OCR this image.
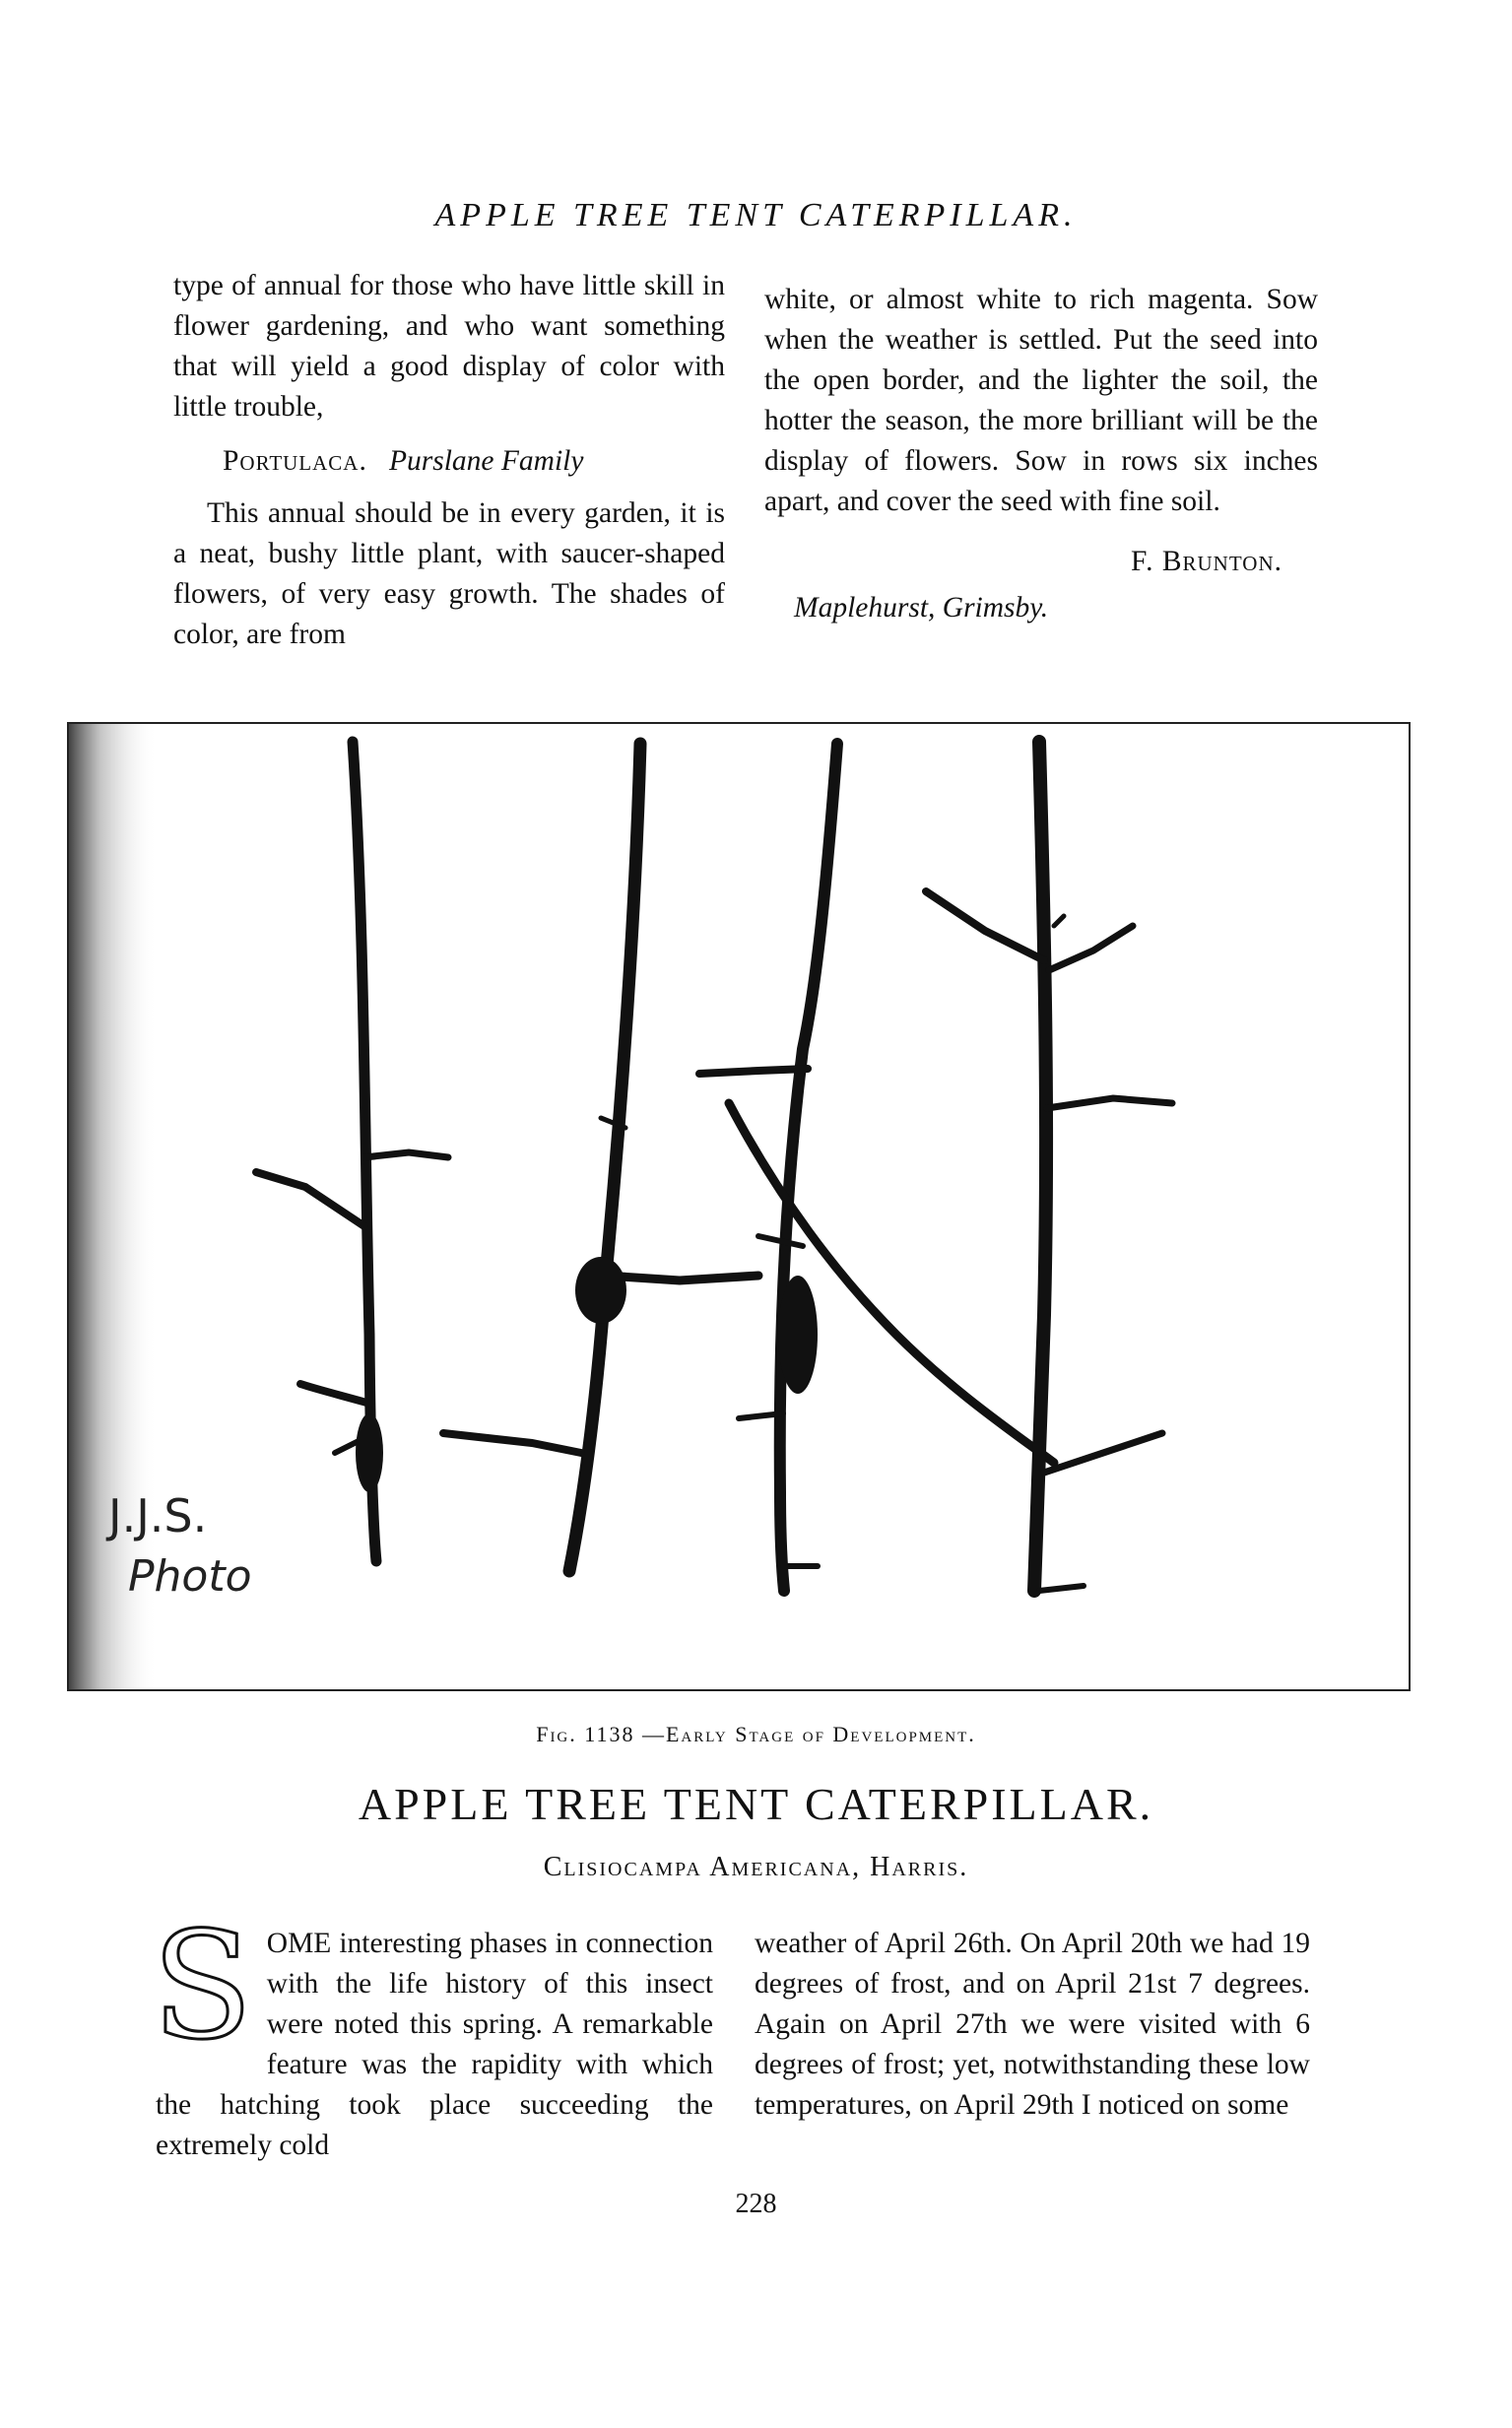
APPLE TREE TENT CATERPILLAR.

type of annual for those who have little skill in flower gardening, and who want something that will yield a good display of color with little trouble,

Portulaca. Purslane Family

This annual should be in every garden, it is a neat, bushy little plant, with saucer-shaped flowers, of very easy growth. The shades of color, are from

white, or almost white to rich magenta. Sow when the weather is settled. Put the seed into the open border, and the lighter the soil, the hotter the season, the more brilliant will be the display of flowers. Sow in rows six inches apart, and cover the seed with fine soil.

F. Brunton.

Maplehurst, Grimsby.

J.J.S.
Photo
Fig. 1138 —Early Stage of Development.
APPLE TREE TENT CATERPILLAR.
Clisiocampa Americana, Harris.

SOME interesting phases in connection with the life history of this insect were noted this spring. A remarkable feature was the rapidity with which the hatching took place succeeding the extremely cold

weather of April 26th. On April 20th we had 19 degrees of frost, and on April 21st 7 degrees. Again on April 27th we were visited with 6 degrees of frost; yet, notwithstanding these low temperatures, on April 29th I noticed on some

228
